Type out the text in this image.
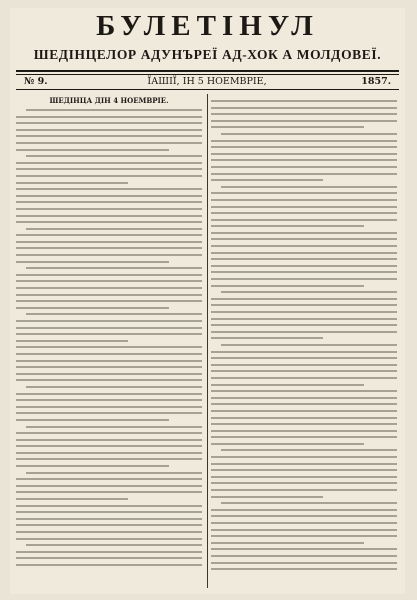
БУЛЕТІНУЛ
ШЕДІНЦЕЛОР АДУНЪРЕЇ АД-ХОК А МОЛДОВЕЇ.
№ 9.	ЇАШІЇ, ІН 5 НОЕМВРІЕ,	1857.
ШЕДІНЦА ДІН 4 НОЕМВРІЕ.
